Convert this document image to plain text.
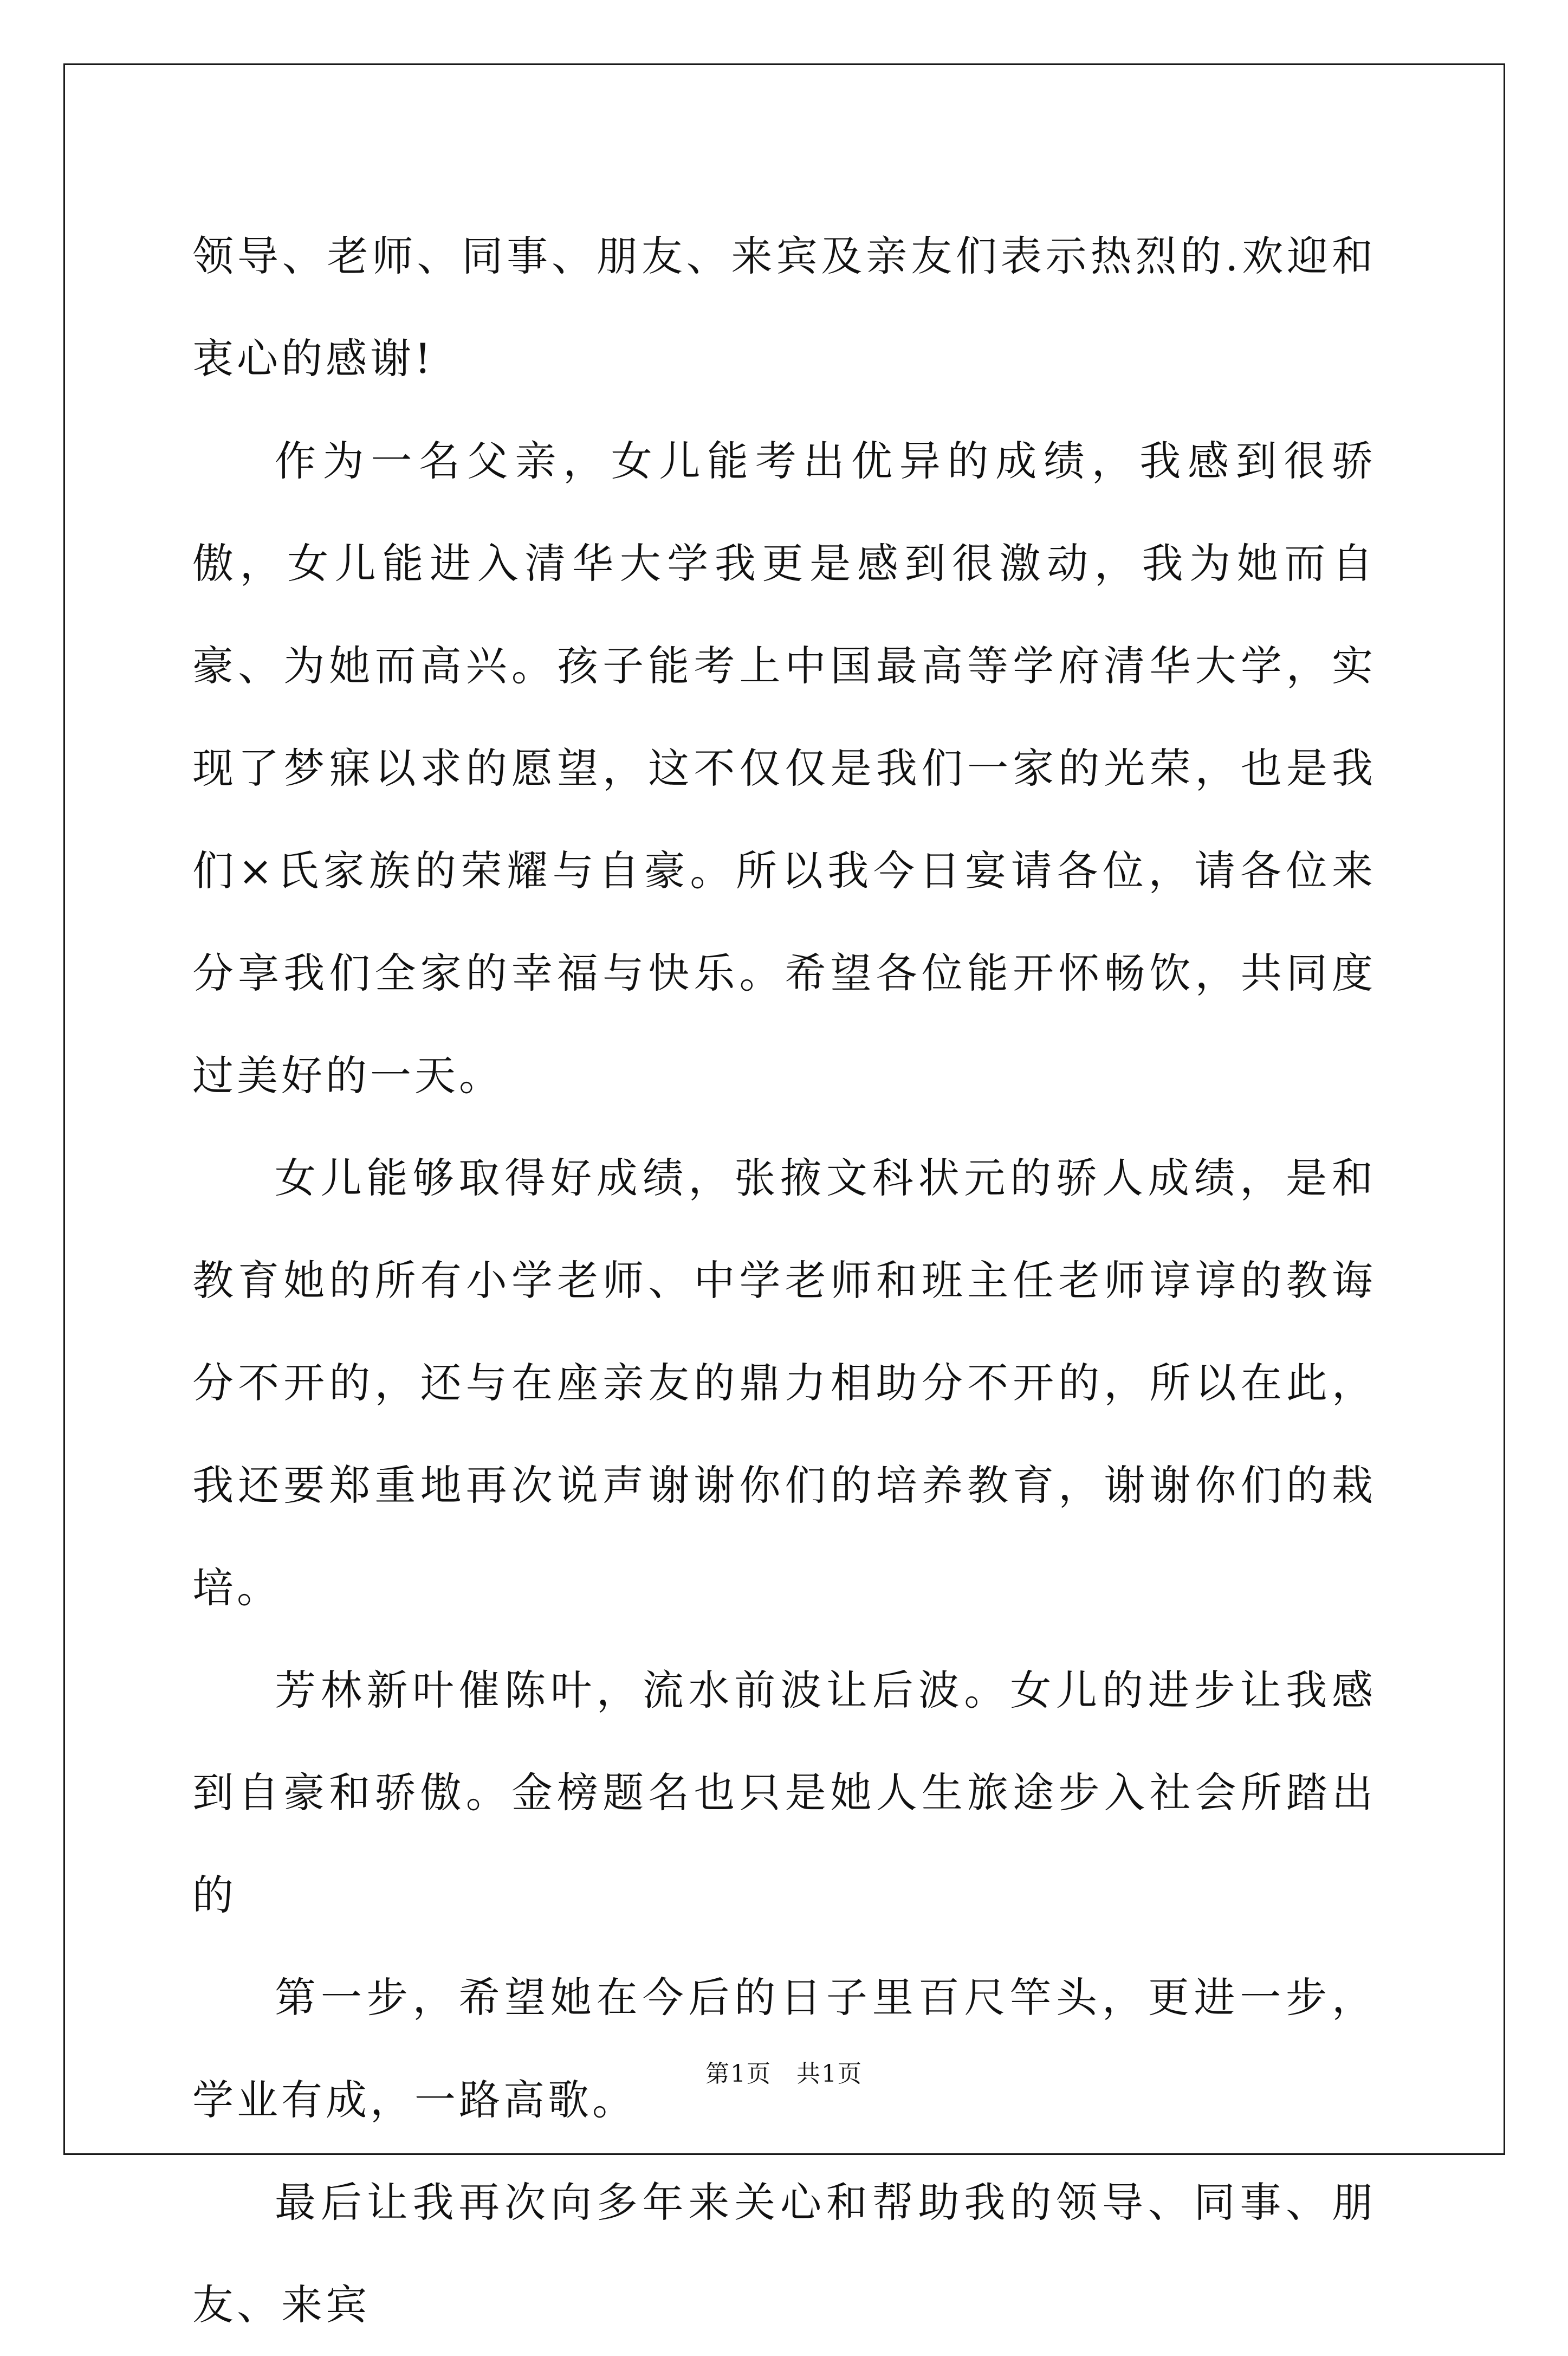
领导、老师、同事、朋友、来宾及亲友们表示热烈的.欢迎和衷心的感谢!

作为一名父亲，女儿能考出优异的成绩，我感到很骄傲，女儿能进入清华大学我更是感到很激动，我为她而自豪、为她而高兴。孩子能考上中国最高等学府清华大学，实现了梦寐以求的愿望，这不仅仅是我们一家的光荣，也是我们×氏家族的荣耀与自豪。所以我今日宴请各位，请各位来分享我们全家的幸福与快乐。希望各位能开怀畅饮，共同度过美好的一天。

女儿能够取得好成绩，张掖文科状元的骄人成绩，是和教育她的所有小学老师、中学老师和班主任老师谆谆的教诲分不开的，还与在座亲友的鼎力相助分不开的，所以在此，我还要郑重地再次说声谢谢你们的培养教育，谢谢你们的栽培。

芳林新叶催陈叶，流水前波让后波。女儿的进步让我感到自豪和骄傲。金榜题名也只是她人生旅途步入社会所踏出的

第一步，希望她在今后的日子里百尺竿头，更进一步，学业有成，一路高歌。

最后让我再次向多年来关心和帮助我的领导、同事、朋友、来宾

第1页　共1页
